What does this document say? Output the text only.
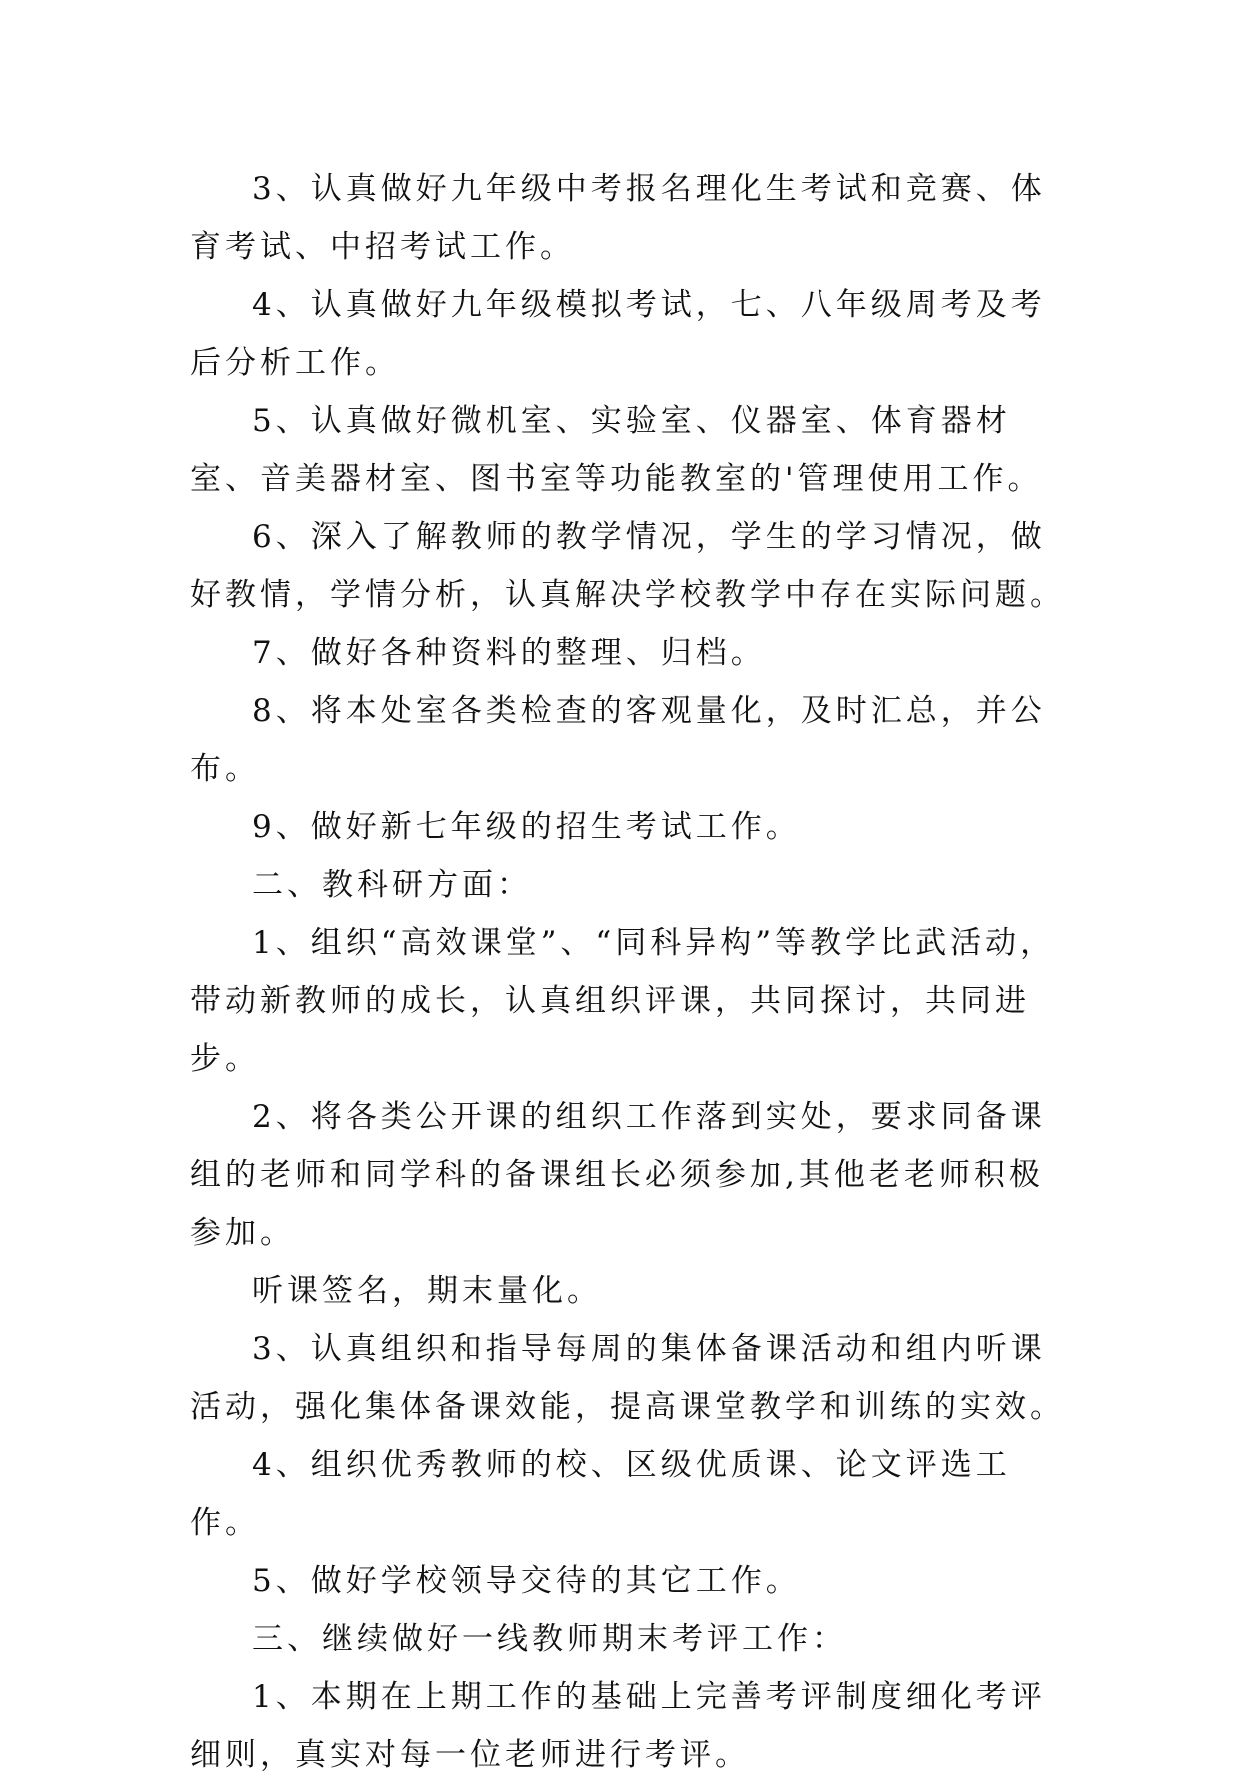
3、认真做好九年级中考报名理化生考试和竞赛、体育考试、中招考试工作。

4、认真做好九年级模拟考试，七、八年级周考及考后分析工作。

5、认真做好微机室、实验室、仪器室、体育器材室、音美器材室、图书室等功能教室的'管理使用工作。

6、深入了解教师的教学情况，学生的学习情况，做好教情，学情分析，认真解决学校教学中存在实际问题。

7、做好各种资料的整理、归档。

8、将本处室各类检查的客观量化，及时汇总，并公布。

9、做好新七年级的招生考试工作。

二、教科研方面：

1、组织“高效课堂”、“同科异构”等教学比武活动，带动新教师的成长，认真组织评课，共同探讨，共同进步。

2、将各类公开课的组织工作落到实处，要求同备课组的老师和同学科的备课组长必须参加,其他老老师积极参加。

听课签名，期末量化。

3、认真组织和指导每周的集体备课活动和组内听课活动，强化集体备课效能，提高课堂教学和训练的实效。

4、组织优秀教师的校、区级优质课、论文评选工作。

5、做好学校领导交待的其它工作。

三、继续做好一线教师期末考评工作：

1、本期在上期工作的基础上完善考评制度细化考评细则，真实对每一位老师进行考评。
